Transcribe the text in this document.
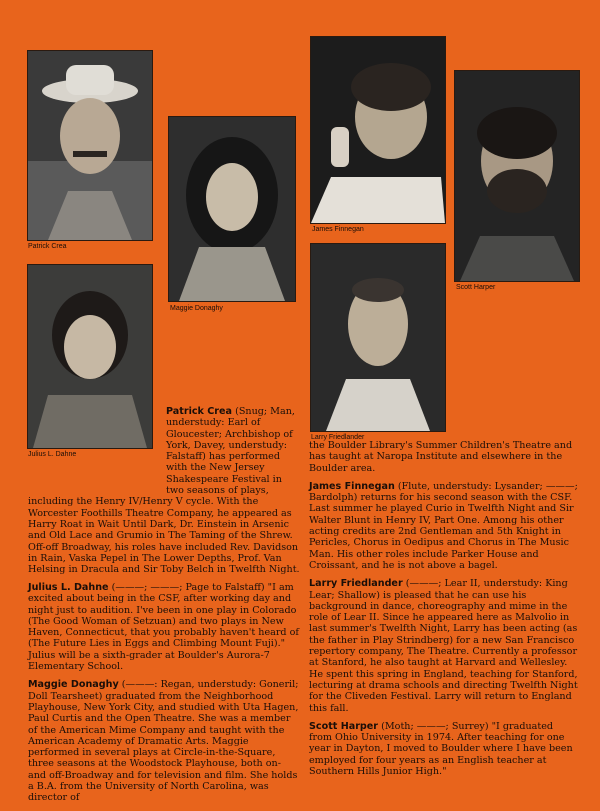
Patrick Crea
Maggie Donaghy
James Finnegan
Scott Harper
Julius L. Dahne
Larry Friedlander

Patrick Crea (Snug; Man, understudy: Earl of Gloucester; Archbishop of York, Davey, understudy: Falstaff) has performed with the New Jersey Shakespeare Festival in two seasons of plays, including the Henry IV/Henry V cycle. With the Worcester Foothills Theatre Company, he appeared as Harry Roat in Wait Until Dark, Dr. Einstein in Arsenic and Old Lace and Grumio in The Taming of the Shrew. Off-off Broadway, his roles have included Rev. Davidson in Rain, Vaska Pepel in The Lower Depths, Prof. Van Helsing in Dracula and Sir Toby Belch in Twelfth Night.

the Boulder Library's Summer Children's Theatre and has taught at Naropa Institute and elsewhere in the Boulder area.

James Finnegan (Flute, understudy: Lysander; ———; Bardolph) returns for his second season with the CSF. Last summer he played Curio in Twelfth Night and Sir Walter Blunt in Henry IV, Part One. Among his other acting credits are 2nd Gentleman and 5th Knight in Pericles, Chorus in Oedipus and Chorus in The Music Man. His other roles include Parker House and Croissant, and he is not above a bagel.

Larry Friedlander (———; Lear II, understudy: King Lear; Shallow) is pleased that he can use his background in dance, choreography and mime in the role of Lear II. Since he appeared here as Malvolio in last summer's Twelfth Night, Larry has been acting (as the father in Play Strindberg) for a new San Francisco repertory company, The Theatre. Currently a professor at Stanford, he also taught at Harvard and Wellesley. He spent this spring in England, teaching for Stanford, lecturing at drama schools and directing Twelfth Night for the Cliveden Festival. Larry will return to England this fall.

Scott Harper (Moth; ———; Surrey) "I graduated from Ohio University in 1974. After teaching for one year in Dayton, I moved to Boulder where I have been employed for four years as an English teacher at Southern Hills Junior High."

Julius L. Dahne (———; ———; Page to Falstaff) "I am excited about being in the CSF, after working day and night just to audition. I've been in one play in Colorado (The Good Woman of Setzuan) and two plays in New Haven, Connecticut, that you probably haven't heard of (The Future Lies in Eggs and Climbing Mount Fuji)." Julius will be a sixth-grader at Boulder's Aurora-7 Elementary School.

Maggie Donaghy (———: Regan, understudy: Goneril; Doll Tearsheet) graduated from the Neighborhood Playhouse, New York City, and studied with Uta Hagen, Paul Curtis and the Open Theatre. She was a member of the American Mime Company and taught with the American Academy of Dramatic Arts. Maggie performed in several plays at Circle-in-the-Square, three seasons at the Woodstock Playhouse, both on- and off-Broadway and for television and film. She holds a B.A. from the University of North Carolina, was director of
